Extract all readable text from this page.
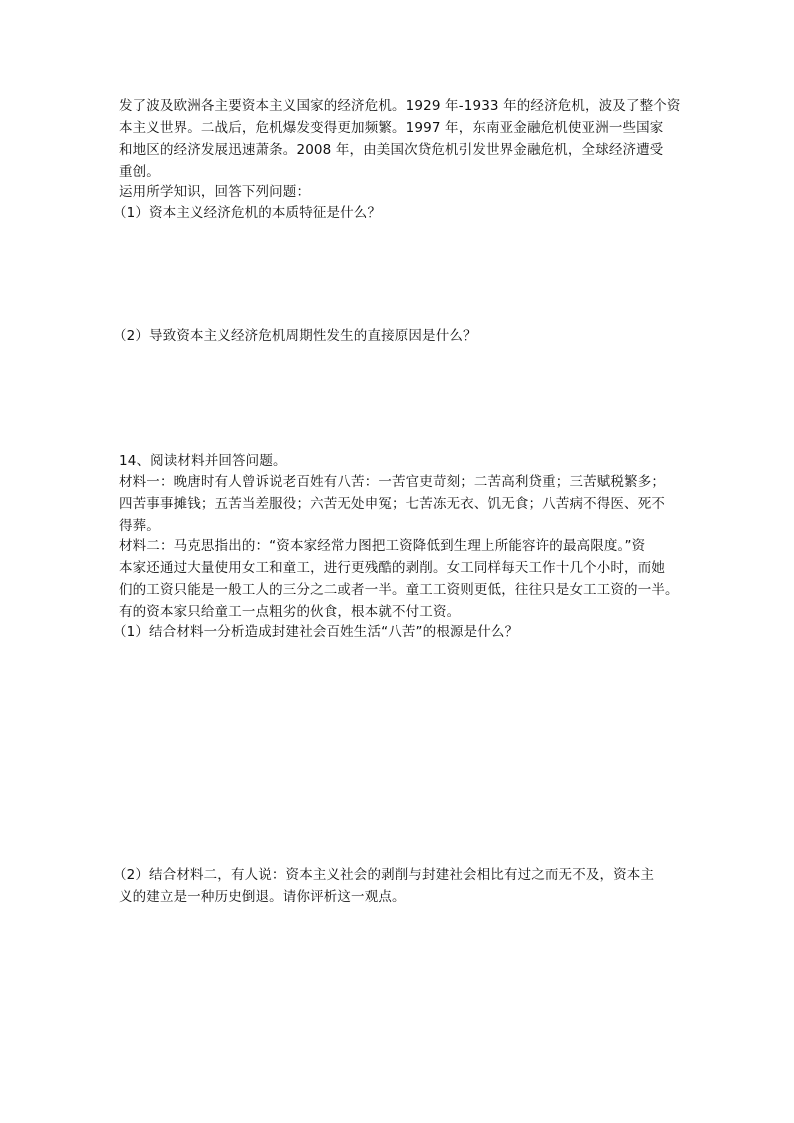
发了波及欧洲各主要资本主义国家的经济危机。1929 年-1933 年的经济危机，波及了整个资
本主义世界。二战后，危机爆发变得更加频繁。1997 年，东南亚金融危机使亚洲一些国家
和地区的经济发展迅速萧条。2008 年，由美国次贷危机引发世界金融危机，全球经济遭受
重创。
运用所学知识，回答下列问题：
（1）资本主义经济危机的本质特征是什么？
（2）导致资本主义经济危机周期性发生的直接原因是什么？
14、阅读材料并回答问题。
材料一：晚唐时有人曾诉说老百姓有八苦：一苦官吏苛刻；二苦高利贷重；三苦赋税繁多；
四苦事事摊钱；五苦当差服役；六苦无处申冤；七苦冻无衣、饥无食；八苦病不得医、死不
得葬。
材料二：马克思指出的：“资本家经常力图把工资降低到生理上所能容许的最高限度。”资
本家还通过大量使用女工和童工，进行更残酷的剥削。女工同样每天工作十几个小时，而她
们的工资只能是一般工人的三分之二或者一半。童工工资则更低，往往只是女工工资的一半。
有的资本家只给童工一点粗劣的伙食，根本就不付工资。
（1）结合材料一分析造成封建社会百姓生活“八苦”的根源是什么？
（2）结合材料二，有人说：资本主义社会的剥削与封建社会相比有过之而无不及，资本主
义的建立是一种历史倒退。请你评析这一观点。
